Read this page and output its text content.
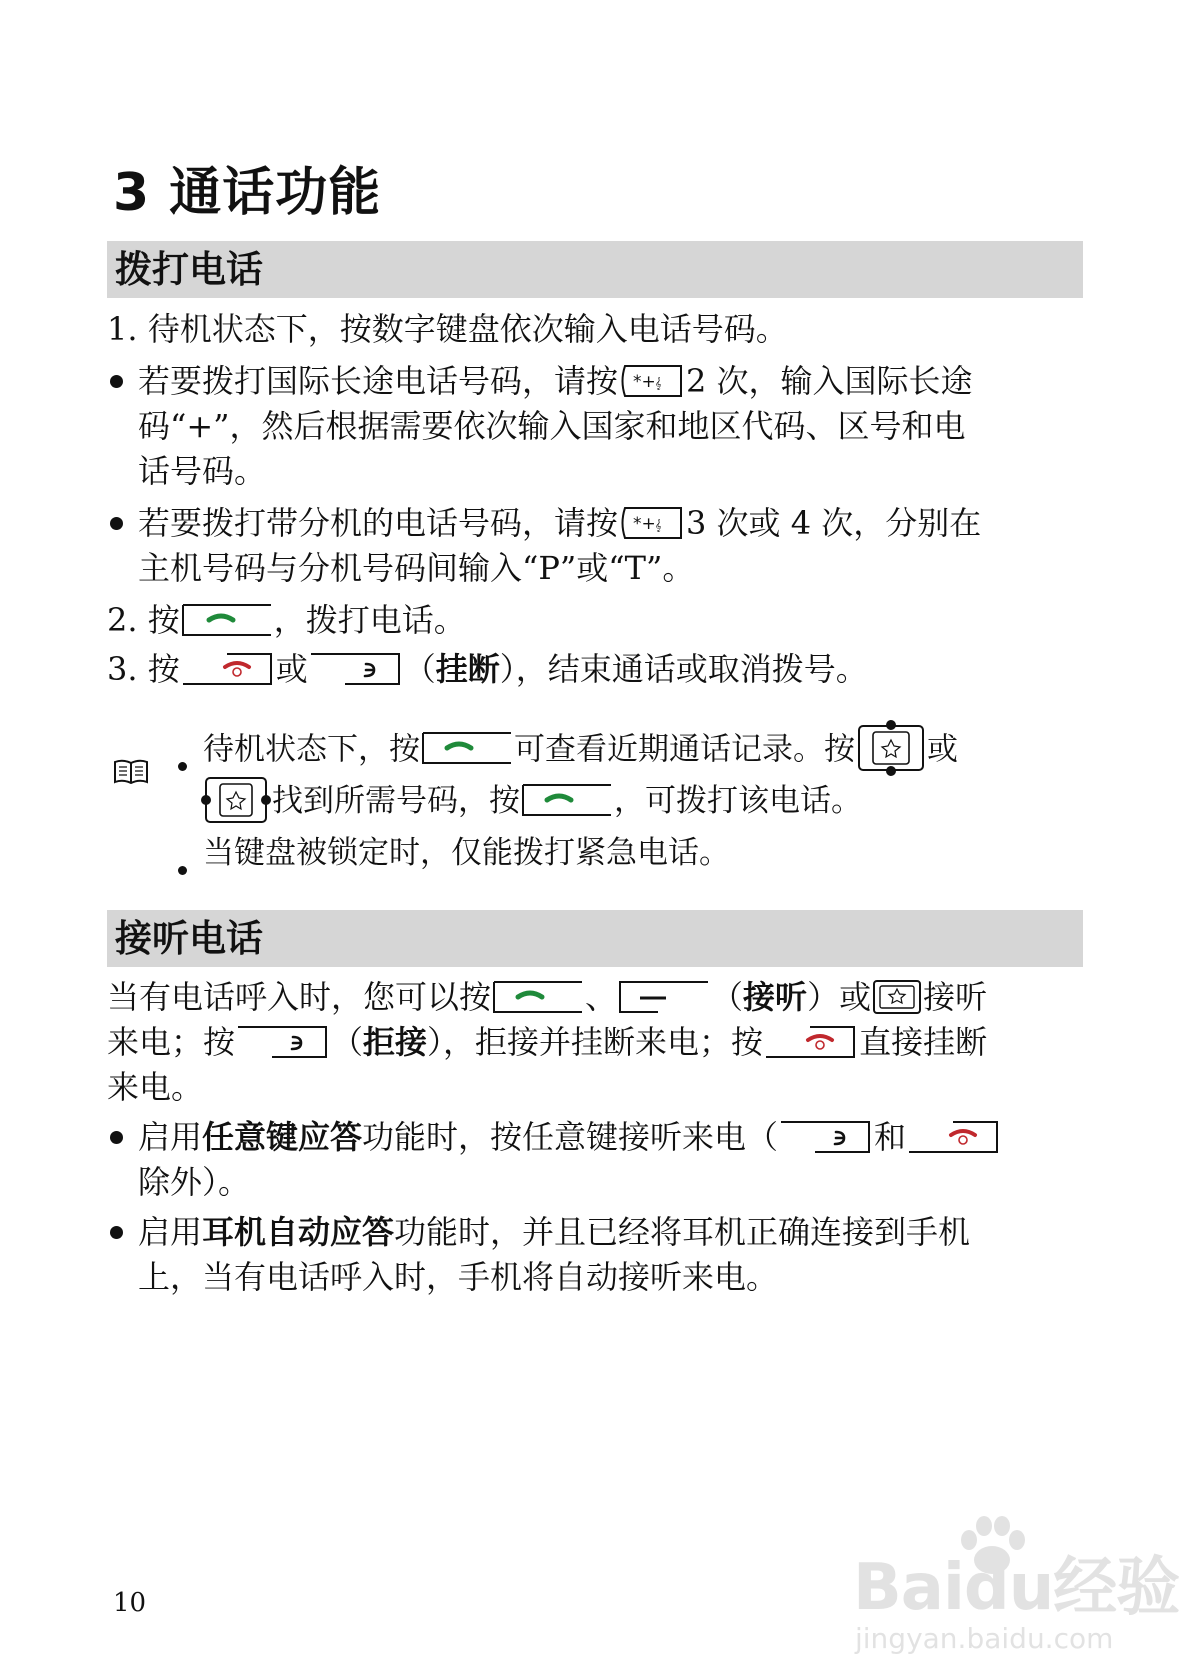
3 通话功能
拨打电话
1. 待机状态下，按数字键盘依次输入电话号码。
若要拨打国际长途电话号码，请按 *+ 𝄞 2 次，输入国际长途
码“+”，然后根据需要依次输入国家和地区代码、区号和电
话号码。
若要拨打带分机的电话号码，请按 *+ 𝄞 3 次或 4 次，分别在
主机号码与分机号码间输入“P”或“T”。
2. 按	，拨打电话。
3. 按	或	（挂断），结束通话或取消拨号。
待机状态下，按	可查看近期通话记录。按 或
找到所需号码，按	，可拨打该电话。
当键盘被锁定时，仅能拨打紧急电话。
接听电话
当有电话呼入时，您可以按	、	（接听）或 接听
来电；按	（拒接），拒接并挂断来电；按	直接挂断
来电。
启用任意键应答功能时，按任意键接听来电（	和
除外）。
启用耳机自动应答功能时，并且已经将耳机正确连接到手机
上，当有电话呼入时，手机将自动接听来电。
10	Baidu经验
jingyan.baidu.com
